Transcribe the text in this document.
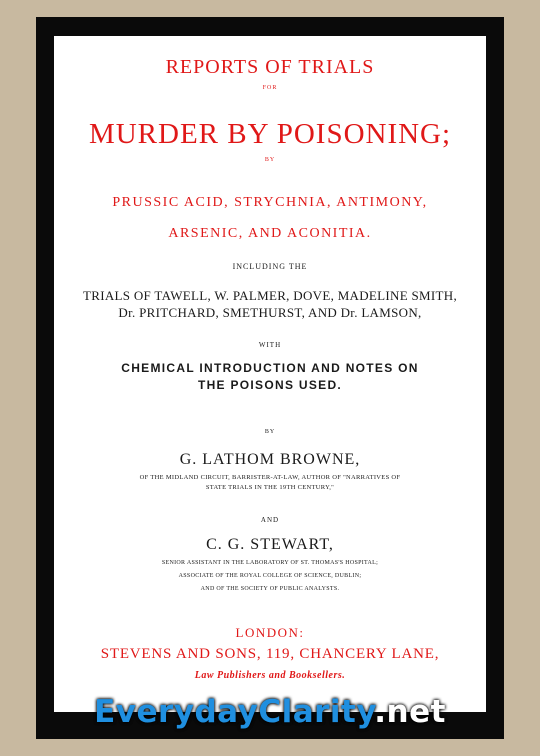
REPORTS OF TRIALS
FOR
MURDER BY POISONING;
BY
PRUSSIC ACID, STRYCHNIA, ANTIMONY,
ARSENIC, AND ACONITIA.
INCLUDING THE
TRIALS OF TAWELL, W. PALMER, DOVE, MADELINE SMITH,
Dr. PRITCHARD, SMETHURST, AND Dr. LAMSON,
WITH
CHEMICAL INTRODUCTION AND NOTES ON
THE POISONS USED.
BY
G. LATHOM BROWNE,
OF THE MIDLAND CIRCUIT, BARRISTER-AT-LAW, AUTHOR OF "NARRATIVES OF
STATE TRIALS IN THE 19TH CENTURY,"
AND
C. G. STEWART,
SENIOR ASSISTANT IN THE LABORATORY OF ST. THOMAS'S HOSPITAL;
ASSOCIATE OF THE ROYAL COLLEGE OF SCIENCE, DUBLIN;
AND OF THE SOCIETY OF PUBLIC ANALYSTS.
LONDON:
STEVENS AND SONS, 119, CHANCERY LANE,
Law Publishers and Booksellers.
EverydayClarity.net
